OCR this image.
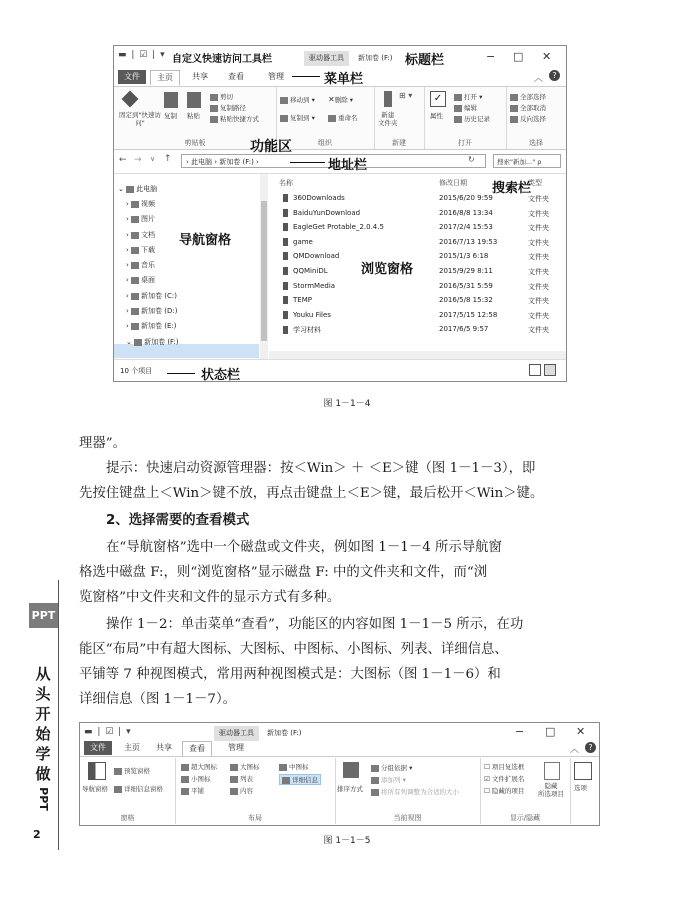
▬ | ☑ | ▾	驱动器工具	新加卷 (F:)	− □ ✕
文件	主页	共享	查看	管理	︿	?
固定到"快速访问"
复制 粘贴
剪切
复制路径
粘贴快捷方式
剪贴板
移动到 ▾ ✕删除 ▾
复制到 ▾	重命名
组织
⊞ ▾
新建
文件夹
新建
✓
属性
打开 ▾
编辑
历史记录
打开
全部选择
全部取消
反向选择
选择
← → ∨ ↑	› 此电脑 › 新加卷 (F:) ›	↻	搜索"新加..." ρ
名称	修改日期	类型
360Downloads	2015/6/20 9:59	文件夹
BaiduYunDownload	2016/8/8 13:34	文件夹
EagleGet Protable_2.0.4.5	2017/2/4 15:53	文件夹
game	2016/7/13 19:53	文件夹
QMDownload	2015/1/3 6:18	文件夹
QQMiniDL	2015/9/29 8:11	文件夹
StormMedia	2016/5/31 5:59	文件夹
TEMP	2016/5/8 15:32	文件夹
Youku Files	2017/5/15 12:58	文件夹
学习材料	2017/6/5 9:57	文件夹
10 个项目
⌄ 此电脑
› 视频
› 图片
› 文档
› 下载
› 音乐
› 桌面
› 新加卷 (C:)
› 新加卷 (D:)
› 新加卷 (E:)
⌄ 新加卷 (F:)
自定义快速访问工具栏	标题栏
菜单栏
功能区
地址栏
搜索栏
导航窗格
浏览窗格
状态栏
图 1－1－4
理器”。
提示：快速启动资源管理器：按＜Win＞ ＋ ＜E＞键（图 1－1－3），即
先按住键盘上＜Win＞键不放，再点击键盘上＜E＞键，最后松开＜Win＞键。
2、选择需要的查看模式
在“导航窗格”选中一个磁盘或文件夹，例如图 1－1－4 所示导航窗
格选中磁盘 F:，则“浏览窗格”显示磁盘 F: 中的文件夹和文件，而“浏
览窗格”中文件夹和文件的显示方式有多种。
操作 1－2：单击菜单“查看”，功能区的内容如图 1－1－5 所示，在功
能区“布局”中有超大图标、大图标、中图标、小图标、列表、详细信息、
平铺等 7 种视图模式，常用两种视图模式是：大图标（图 1－1－6）和
详细信息（图 1－1－7）。
PPT
2
▬ | ☑ | ▾	驱动器工具	新加卷 (F:)	− □ ✕
文件	主页	共享	查看	管理	︿	?
导航窗格
预览窗格
详细信息窗格
窗格
超大图标	大图标	中图标
小图标	列表	详细信息
平铺	内容
布局
排序方式
分组依据 ▾
添加列 ▾
将所有列调整为合适的大小
当前视图
☐ 项目复选框
☑ 文件扩展名
☐ 隐藏的项目
隐藏
所选项目
显示/隐藏
选项
图 1－1－5
从
头
开
始
学
做
PPT
